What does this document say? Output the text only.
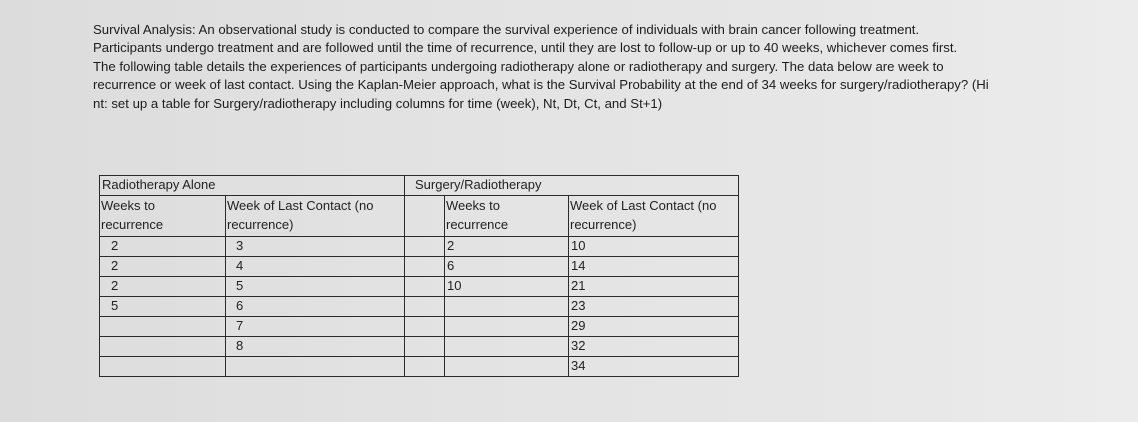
Survival Analysis: An observational study is conducted to compare the survival experience of individuals with brain cancer following treatment.
Participants undergo treatment and are followed until the time of recurrence, until they are lost to follow-up or up to 40 weeks, whichever comes first.
The following table details the experiences of participants undergoing radiotherapy alone or radiotherapy and surgery. The data below are week to
recurrence or week of last contact. Using the Kaplan-Meier approach, what is the Survival Probability at the end of 34 weeks for surgery/radiotherapy? (Hi
nt: set up a table for Surgery/radiotherapy including columns for time (week), Nt, Dt, Ct, and St+1)

Radiotherapy Alone		Surgery/Radiotherapy		

Weeks to
recurrence	Week of Last Contact (no
recurrence)		Weeks to
recurrence	Week of Last Contact (no
recurrence)

2	3		2	10
2	4		6	14
2	5		10	21
5	6			23
	7			29
	8			32
				34
